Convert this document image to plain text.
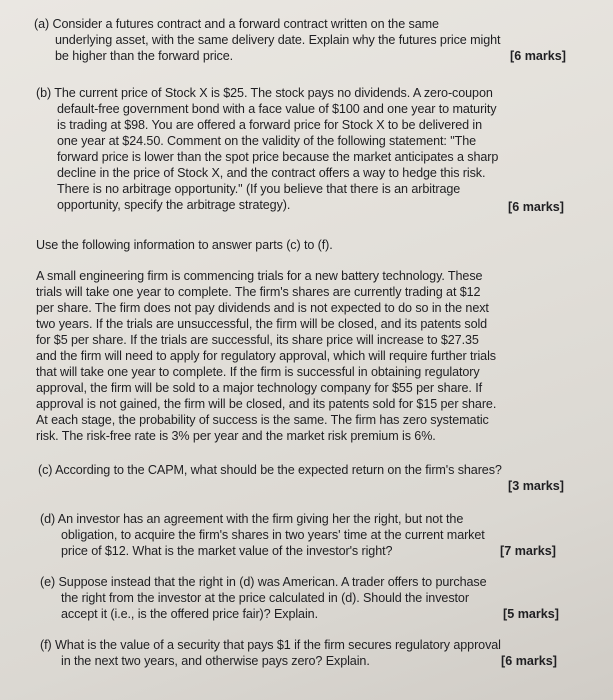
(a) Consider a futures contract and a forward contract written on the same
underlying asset, with the same delivery date. Explain why the futures price might
be higher than the forward price.	[6 marks]
(b) The current price of Stock X is $25. The stock pays no dividends. A zero-coupon
default-free government bond with a face value of $100 and one year to maturity
is trading at $98. You are offered a forward price for Stock X to be delivered in
one year at $24.50. Comment on the validity of the following statement: "The
forward price is lower than the spot price because the market anticipates a sharp
decline in the price of Stock X, and the contract offers a way to hedge this risk.
There is no arbitrage opportunity." (If you believe that there is an arbitrage
opportunity, specify the arbitrage strategy).	[6 marks]
Use the following information to answer parts (c) to (f).
A small engineering firm is commencing trials for a new battery technology. These
trials will take one year to complete. The firm's shares are currently trading at $12
per share. The firm does not pay dividends and is not expected to do so in the next
two years. If the trials are unsuccessful, the firm will be closed, and its patents sold
for $5 per share. If the trials are successful, its share price will increase to $27.35
and the firm will need to apply for regulatory approval, which will require further trials
that will take one year to complete. If the firm is successful in obtaining regulatory
approval, the firm will be sold to a major technology company for $55 per share. If
approval is not gained, the firm will be closed, and its patents sold for $15 per share.
At each stage, the probability of success is the same. The firm has zero systematic
risk. The risk-free rate is 3% per year and the market risk premium is 6%.
(c) According to the CAPM, what should be the expected return on the firm's shares?
[3 marks]
(d) An investor has an agreement with the firm giving her the right, but not the
obligation, to acquire the firm's shares in two years' time at the current market
price of $12. What is the market value of the investor's right?	[7 marks]
(e) Suppose instead that the right in (d) was American. A trader offers to purchase
the right from the investor at the price calculated in (d). Should the investor
accept it (i.e., is the offered price fair)? Explain.	[5 marks]
(f) What is the value of a security that pays $1 if the firm secures regulatory approval
in the next two years, and otherwise pays zero? Explain.	[6 marks]
